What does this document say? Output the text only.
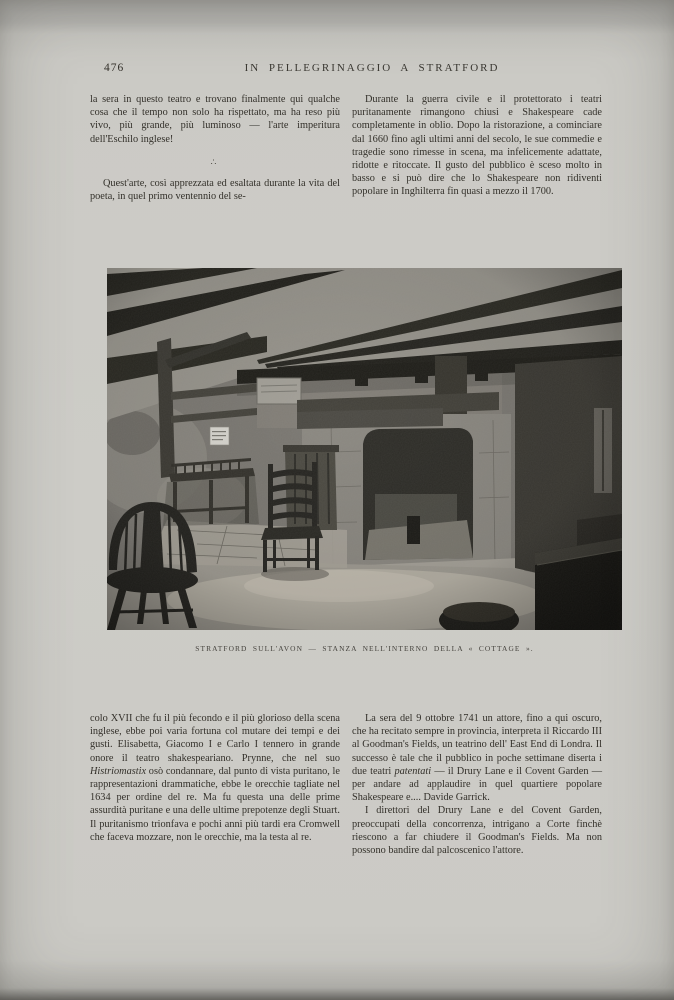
476	IN PELLEGRINAGGIO A STRATFORD

la sera in questo teatro e trovano finalmente qui qualche cosa che il tempo non solo ha rispettato, ma ha reso più vivo, più grande, più luminoso — l'arte imperitura dell'Eschilo inglese!

∴

Quest'arte, così apprezzata ed esaltata durante la vita del poeta, in quel primo ventennio del se-

Durante la guerra civile e il protettorato i teatri puritanamente rimangono chiusi e Shakespeare cade completamente in oblio. Dopo la ristorazione, a cominciare dal 1660 fino agli ultimi anni del secolo, le sue commedie e tragedie sono rimesse in scena, ma infelicemente adattate, ridotte e ritoccate. Il gusto del pubblico è sceso molto in basso e si può dire che lo Shakespeare non ridiventi popolare in Inghilterra fin quasi a mezzo il 1700.

STRATFORD SULL'AVON — STANZA NELL'INTERNO DELLA « COTTAGE ».

colo XVII che fu il più fecondo e il più glorioso della scena inglese, ebbe poi varia fortuna col mutare dei tempi e dei gusti. Elisabetta, Giacomo I e Carlo I tennero in grande onore il teatro shakespeariano. Prynne, che nel suo Histriomastix osò condannare, dal punto di vista puritano, le rappresentazioni drammatiche, ebbe le orecchie tagliate nel 1634 per ordine del re. Ma fu questa una delle prime assurdità puritane e una delle ultime prepotenze degli Stuart. Il puritanismo trionfava e pochi anni più tardi era Cromwell che faceva mozzare, non le orecchie, ma la testa al re.

La sera del 9 ottobre 1741 un attore, fino a qui oscuro, che ha recitato sempre in provincia, interpreta il Riccardo III al Goodman's Fields, un teatrino dell' East End di Londra. Il successo è tale che il pubblico in poche settimane diserta i due teatri patentati — il Drury Lane e il Covent Garden — per andare ad applaudire in quel quartiere popolare Shakespeare e.... Davide Garrick.

I direttori del Drury Lane e del Covent Garden, preoccupati della concorrenza, intrigano a Corte finchè riescono a far chiudere il Goodman's Fields. Ma non possono bandire dal palcoscenico l'attore.
